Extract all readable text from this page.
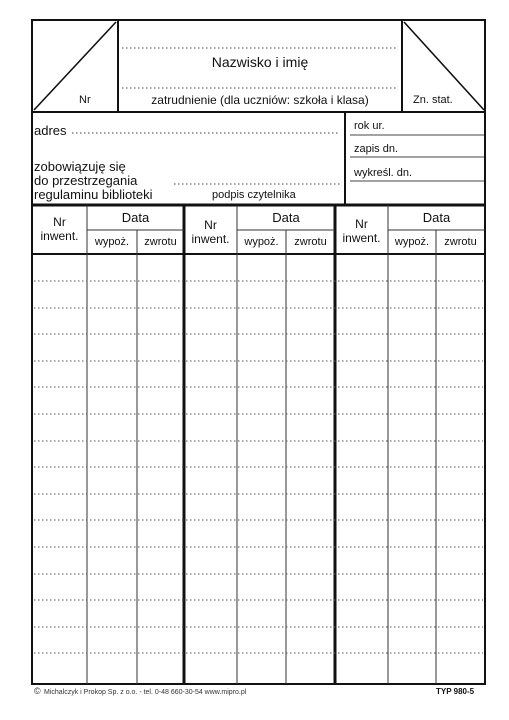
Nr
Nazwisko i imię
zatrudnienie (dla uczniów: szkoła i klasa)	Zn. stat.
adres
zobowiązuję się
do przestrzegania
regulaminu biblioteki	podpis czytelnika
rok ur.
zapis dn.
wykreśl. dn.
Nr
inwent.
Data
wypoż.	zwrotu
Nr
inwent.
Data
wypoż.	zwrotu
Nr
inwent.
Data
wypoż.	zwrotu
© Michalczyk i Prokop Sp. z o.o. - tel. 0-48 660-30-54 www.mipro.pl	TYP 980-5
